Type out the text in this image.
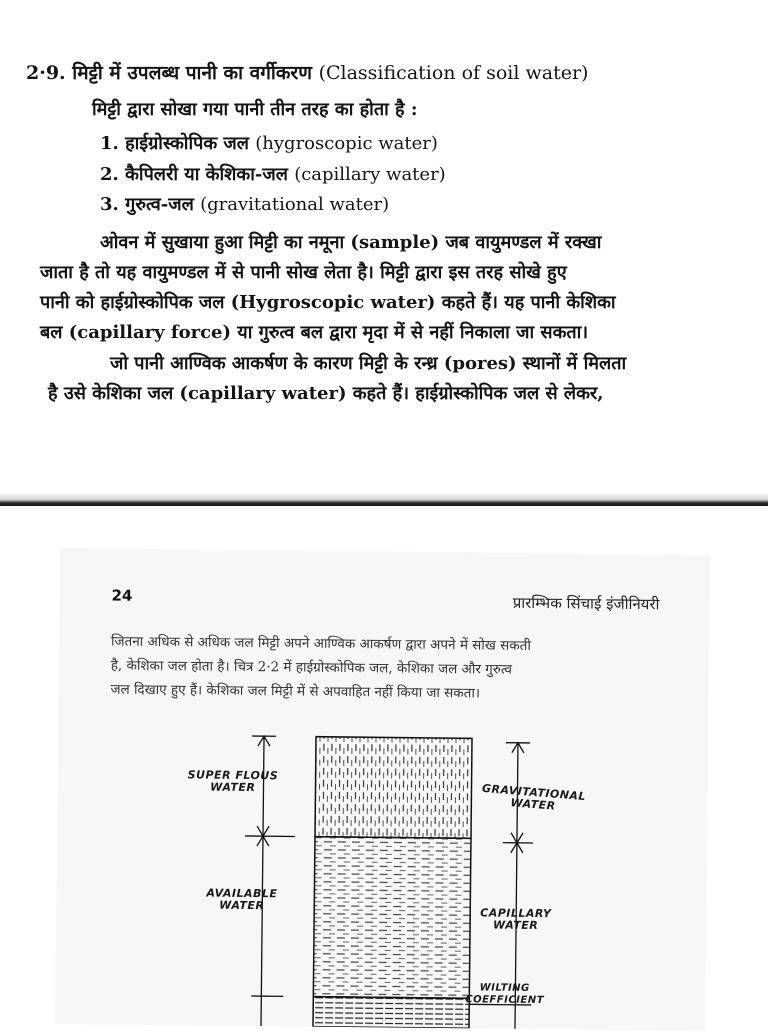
2·9. मिट्टी में उपलब्ध पानी का वर्गीकरण (Classification of soil water)
मिट्टी द्वारा सोखा गया पानी तीन तरह का होता है :
1. हाईग्रोस्कोपिक जल (hygroscopic water)
2. कैपिलरी या केशिका-जल (capillary water)
3. गुरुत्व-जल (gravitational water)
ओवन में सुखाया हुआ मिट्टी का नमूना (sample) जब वायुमण्डल में रक्खा
जाता है तो यह वायुमण्डल में से पानी सोख लेता है। मिट्टी द्वारा इस तरह सोखे हुए
पानी को हाईग्रोस्कोपिक जल (Hygroscopic water) कहते हैं। यह पानी केशिका
बल (capillary force) या गुरुत्व बल द्वारा मृदा में से नहीं निकाला जा सकता।
जो पानी आण्विक आकर्षण के कारण मिट्टी के रन्ध्र (pores) स्थानों में मिलता
है उसे केशिका जल (capillary water) कहते हैं। हाईग्रोस्कोपिक जल से लेकर,
24	प्रारम्भिक सिंचाई इंजीनियरी
जितना अधिक से अधिक जल मिट्टी अपने आण्विक आकर्षण द्वारा अपने में सोख सकती
है, केशिका जल होता है। चित्र 2·2 में हाईग्रोस्कोपिक जल, केशिका जल और गुरुत्व
जल दिखाए हुए हैं। केशिका जल मिट्टी में से अपवाहित नहीं किया जा सकता।
SUPER FLOUS
WATER
AVAILABLE
WATER
GRAVITATIONAL
WATER
CAPILLARY
WATER
WILTING
COEFFICIENT
